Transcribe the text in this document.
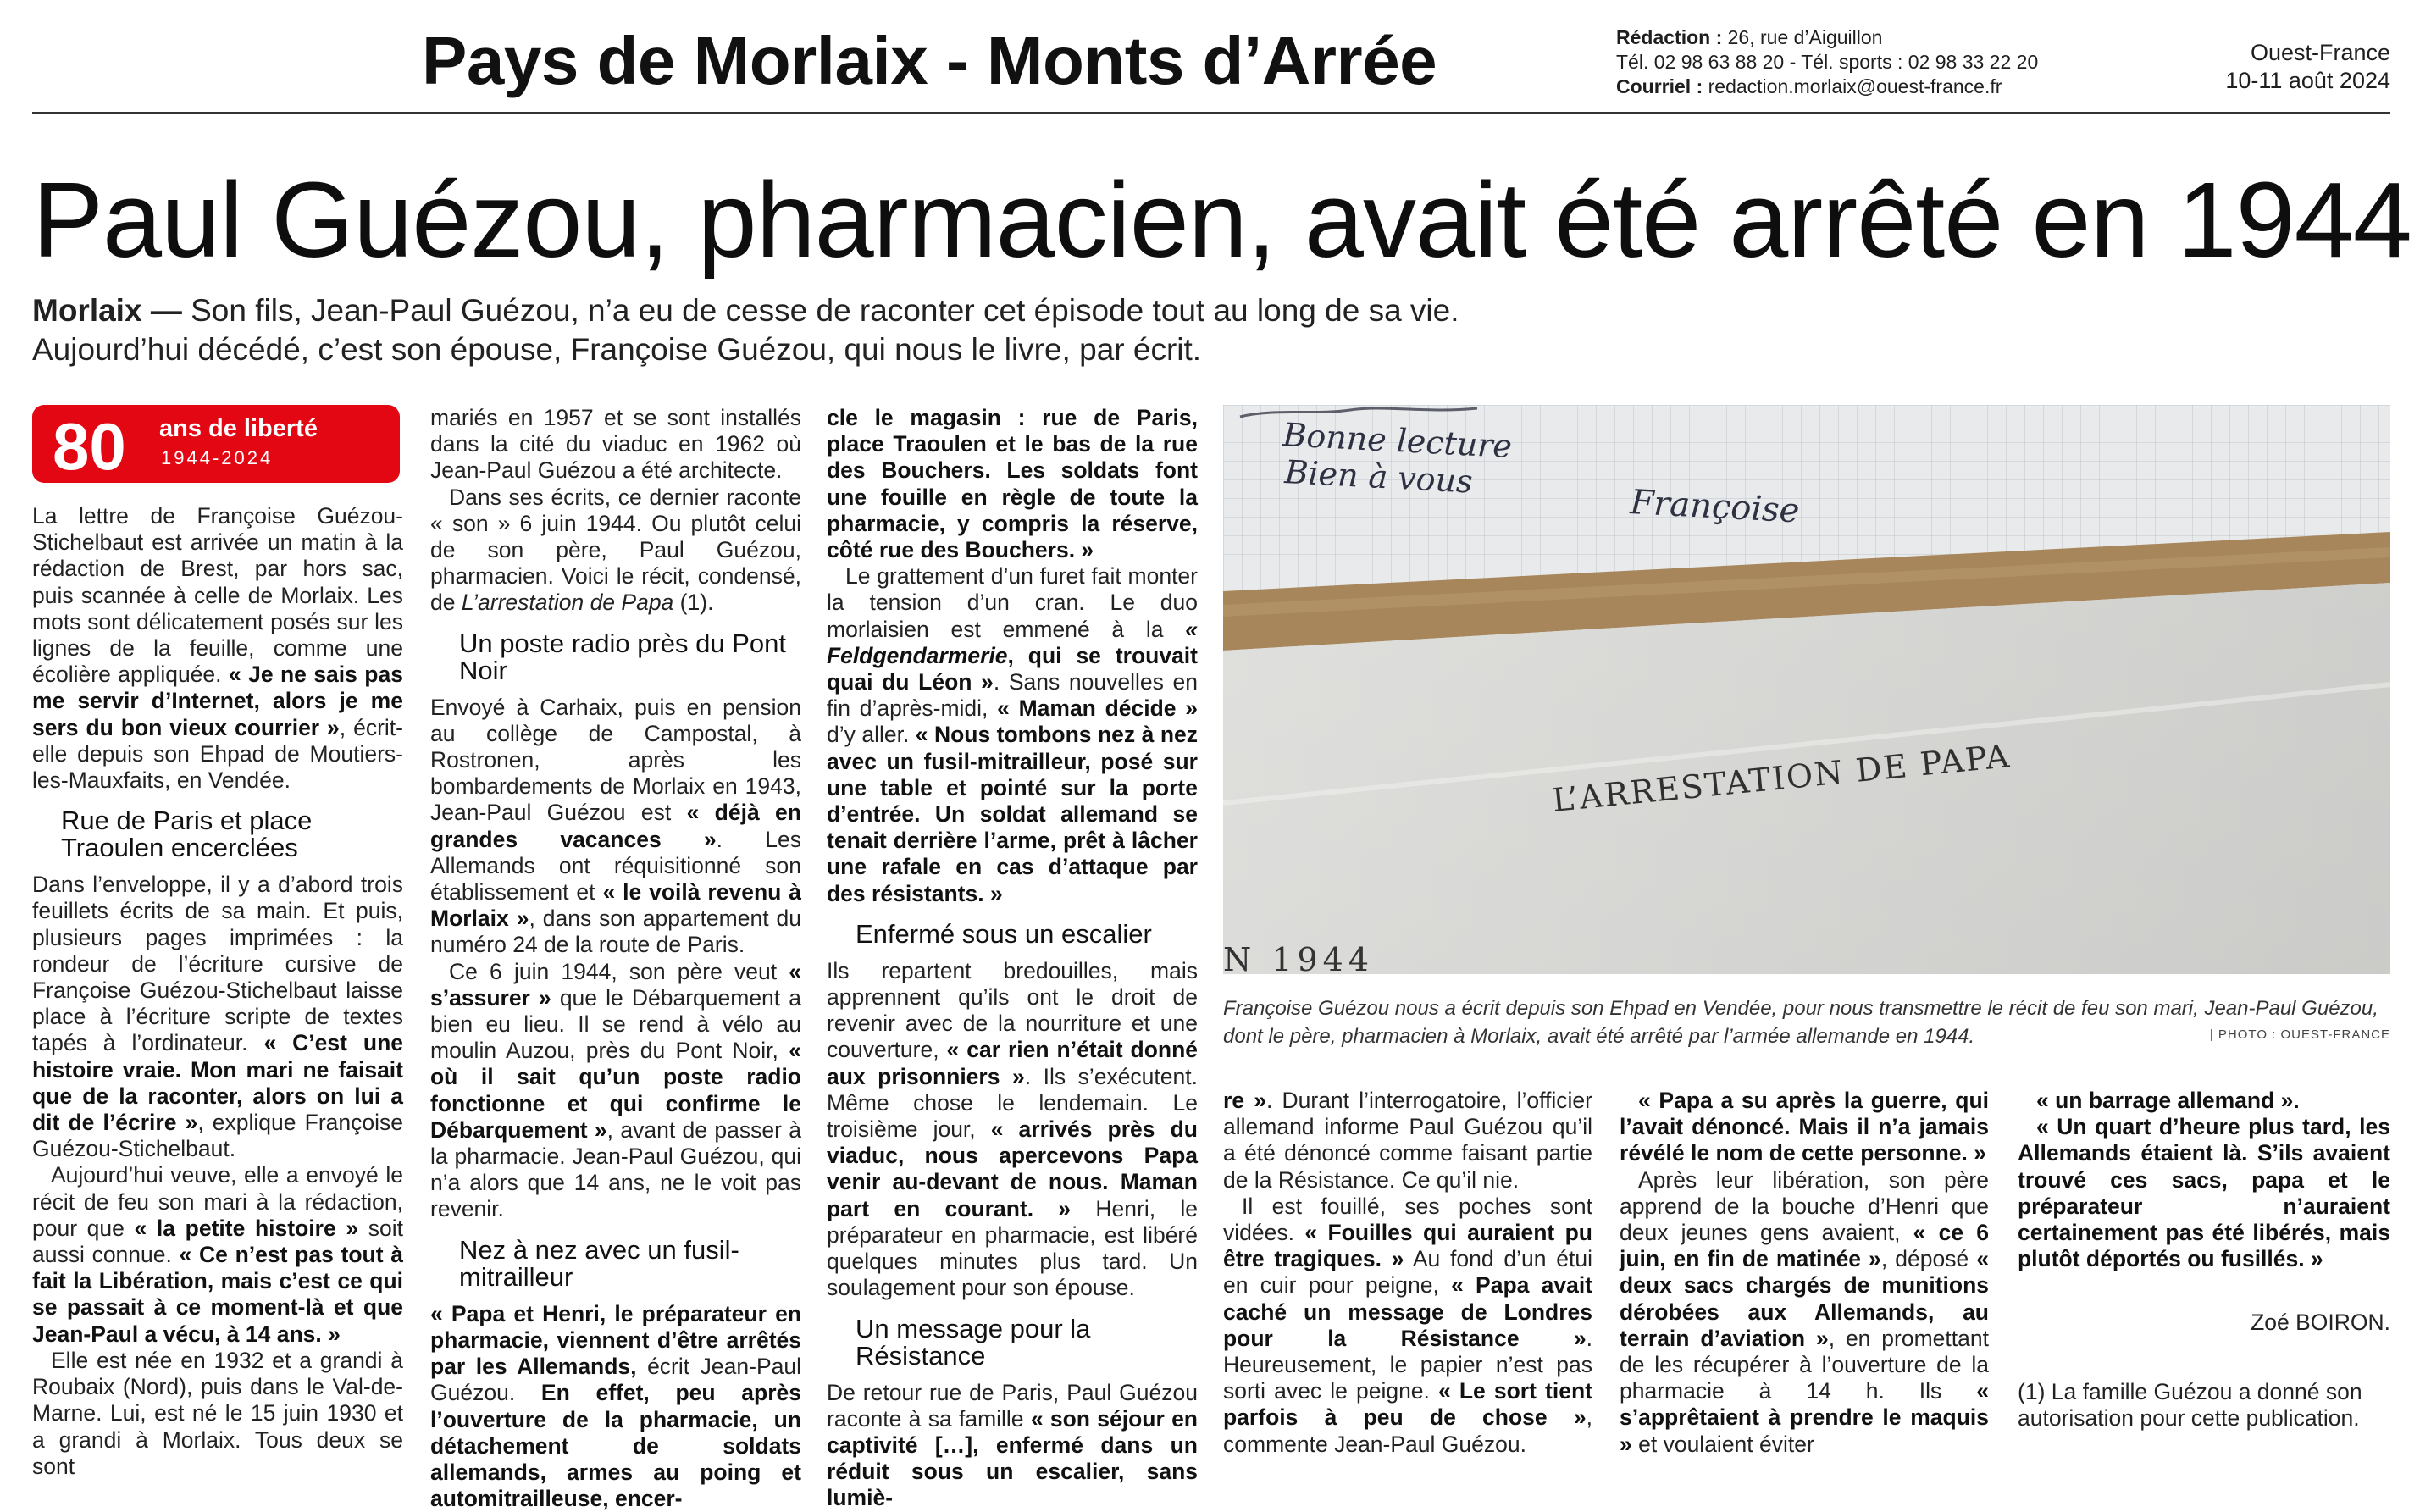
Pays de Morlaix - Monts d’Arrée	Rédaction : 26, rue d’Aiguillon
Tél. 02 98 63 88 20 - Tél. sports : 02 98 33 22 20
Courriel : redaction.morlaix@ouest-france.fr
Ouest-France
10-11 août 2024
Paul Guézou, pharmacien, avait été arrêté en 1944
Morlaix — Son fils, Jean-Paul Guézou, n’a eu de cesse de raconter cet épisode tout au long de sa vie.
Aujourd’hui décédé, c’est son épouse, Françoise Guézou, qui nous le livre, par écrit.
80 ans de liberté
1944-2024

La lettre de Françoise Guézou-Stichelbaut est arrivée un matin à la rédaction de Brest, par hors sac, puis scannée à celle de Morlaix. Les mots sont délicatement posés sur les lignes de la feuille, comme une écolière appliquée. « Je ne sais pas me servir d’Internet, alors je me sers du bon vieux courrier », écrit-elle depuis son Ehpad de Moutiers-les-Mauxfaits, en Vendée.

Rue de Paris et place Traoulen encerclées

Dans l’enveloppe, il y a d’abord trois feuillets écrits de sa main. Et puis, plusieurs pages imprimées : la rondeur de l’écriture cursive de Françoise Guézou-Stichelbaut laisse place à l’écriture scripte de textes tapés à l’ordinateur. « C’est une histoire vraie. Mon mari ne faisait que de la raconter, alors on lui a dit de l’écrire », explique Françoise Guézou-Stichelbaut.

Aujourd’hui veuve, elle a envoyé le récit de feu son mari à la rédaction, pour que « la petite histoire » soit aussi connue. « Ce n’est pas tout à fait la Libération, mais c’est ce qui se passait à ce moment-là et que Jean-Paul a vécu, à 14 ans. »

Elle est née en 1932 et a grandi à Roubaix (Nord), puis dans le Val-de-Marne. Lui, est né le 15 juin 1930 et a grandi à Morlaix. Tous deux se sont

mariés en 1957 et se sont installés dans la cité du viaduc en 1962 où Jean-Paul Guézou a été architecte.

Dans ses écrits, ce dernier raconte « son » 6 juin 1944. Ou plutôt celui de son père, Paul Guézou, pharmacien. Voici le récit, condensé, de L’arrestation de Papa (1).

Un poste radio près du Pont Noir

Envoyé à Carhaix, puis en pension au collège de Campostal, à Rostronen, après les bombardements de Morlaix en 1943, Jean-Paul Guézou est « déjà en grandes vacances ». Les Allemands ont réquisitionné son établissement et « le voilà revenu à Morlaix », dans son appartement du numéro 24 de la route de Paris.

Ce 6 juin 1944, son père veut « s’assurer » que le Débarquement a bien eu lieu. Il se rend à vélo au moulin Auzou, près du Pont Noir, « où il sait qu’un poste radio fonctionne et qui confirme le Débarquement », avant de passer à la pharmacie. Jean-Paul Guézou, qui n’a alors que 14 ans, ne le voit pas revenir.

Nez à nez avec un fusil-mitrailleur

« Papa et Henri, le préparateur en pharmacie, viennent d’être arrêtés par les Allemands, écrit Jean-Paul Guézou. En effet, peu après l’ouverture de la pharmacie, un détachement de soldats allemands, armes au poing et automitrailleuse, encer-

cle le magasin : rue de Paris, place Traoulen et le bas de la rue des Bouchers. Les soldats font une fouille en règle de toute la pharmacie, y compris la réserve, côté rue des Bouchers. »

Le grattement d’un furet fait monter la tension d’un cran. Le duo morlaisien est emmené à la « Feldgendarmerie, qui se trouvait quai du Léon ». Sans nouvelles en fin d’après-midi, « Maman décide » d’y aller. « Nous tombons nez à nez avec un fusil-mitrailleur, posé sur une table et pointé sur la porte d’entrée. Un soldat allemand se tenait derrière l’arme, prêt à lâcher une rafale en cas d’attaque par des résistants. »

Enfermé sous un escalier

Ils repartent bredouilles, mais apprennent qu’ils ont le droit de revenir avec de la nourriture et une couverture, « car rien n’était donné aux prisonniers ». Ils s’exécutent. Même chose le lendemain. Le troisième jour, « arrivés près du viaduc, nous apercevons Papa venir au-devant de nous. Maman part en courant. » Henri, le préparateur en pharmacie, est libéré quelques minutes plus tard. Un soulagement pour son épouse.

Un message pour la Résistance

De retour rue de Paris, Paul Guézou raconte à sa famille « son séjour en captivité […], enfermé dans un réduit sous un escalier, sans lumiè-

Bonne lecture
Bien à vous
Françoise
L’ARRESTATION DE PAPA
N 1944
Françoise Guézou nous a écrit depuis son Ehpad en Vendée, pour nous transmettre le récit de feu son mari, Jean-Paul Guézou, dont le père, pharmacien à Morlaix, avait été arrêté par l’armée allemande en 1944.	| PHOTO : OUEST-FRANCE

re ». Durant l’interrogatoire, l’officier allemand informe Paul Guézou qu’il a été dénoncé comme faisant partie de la Résistance. Ce qu’il nie.

Il est fouillé, ses poches sont vidées. « Fouilles qui auraient pu être tragiques. » Au fond d’un étui en cuir pour peigne, « Papa avait caché un message de Londres pour la Résistance ». Heureusement, le papier n’est pas sorti avec le peigne. « Le sort tient parfois à peu de chose », commente Jean-Paul Guézou.

« Papa a su après la guerre, qui l’avait dénoncé. Mais il n’a jamais révélé le nom de cette personne. »

Après leur libération, son père apprend de la bouche d’Henri que deux jeunes gens avaient, « ce 6 juin, en fin de matinée », déposé « deux sacs chargés de munitions dérobées aux Allemands, au terrain d’aviation », en promettant de les récupérer à l’ouverture de la pharmacie à 14 h. Ils « s’apprêtaient à prendre le maquis » et voulaient éviter

« un barrage allemand ».

« Un quart d’heure plus tard, les Allemands étaient là. S’ils avaient trouvé ces sacs, papa et le préparateur n’auraient certainement pas été libérés, mais plutôt déportés ou fusillés. »

Zoé BOIRON.

(1) La famille Guézou a donné son autorisation pour cette publication.
